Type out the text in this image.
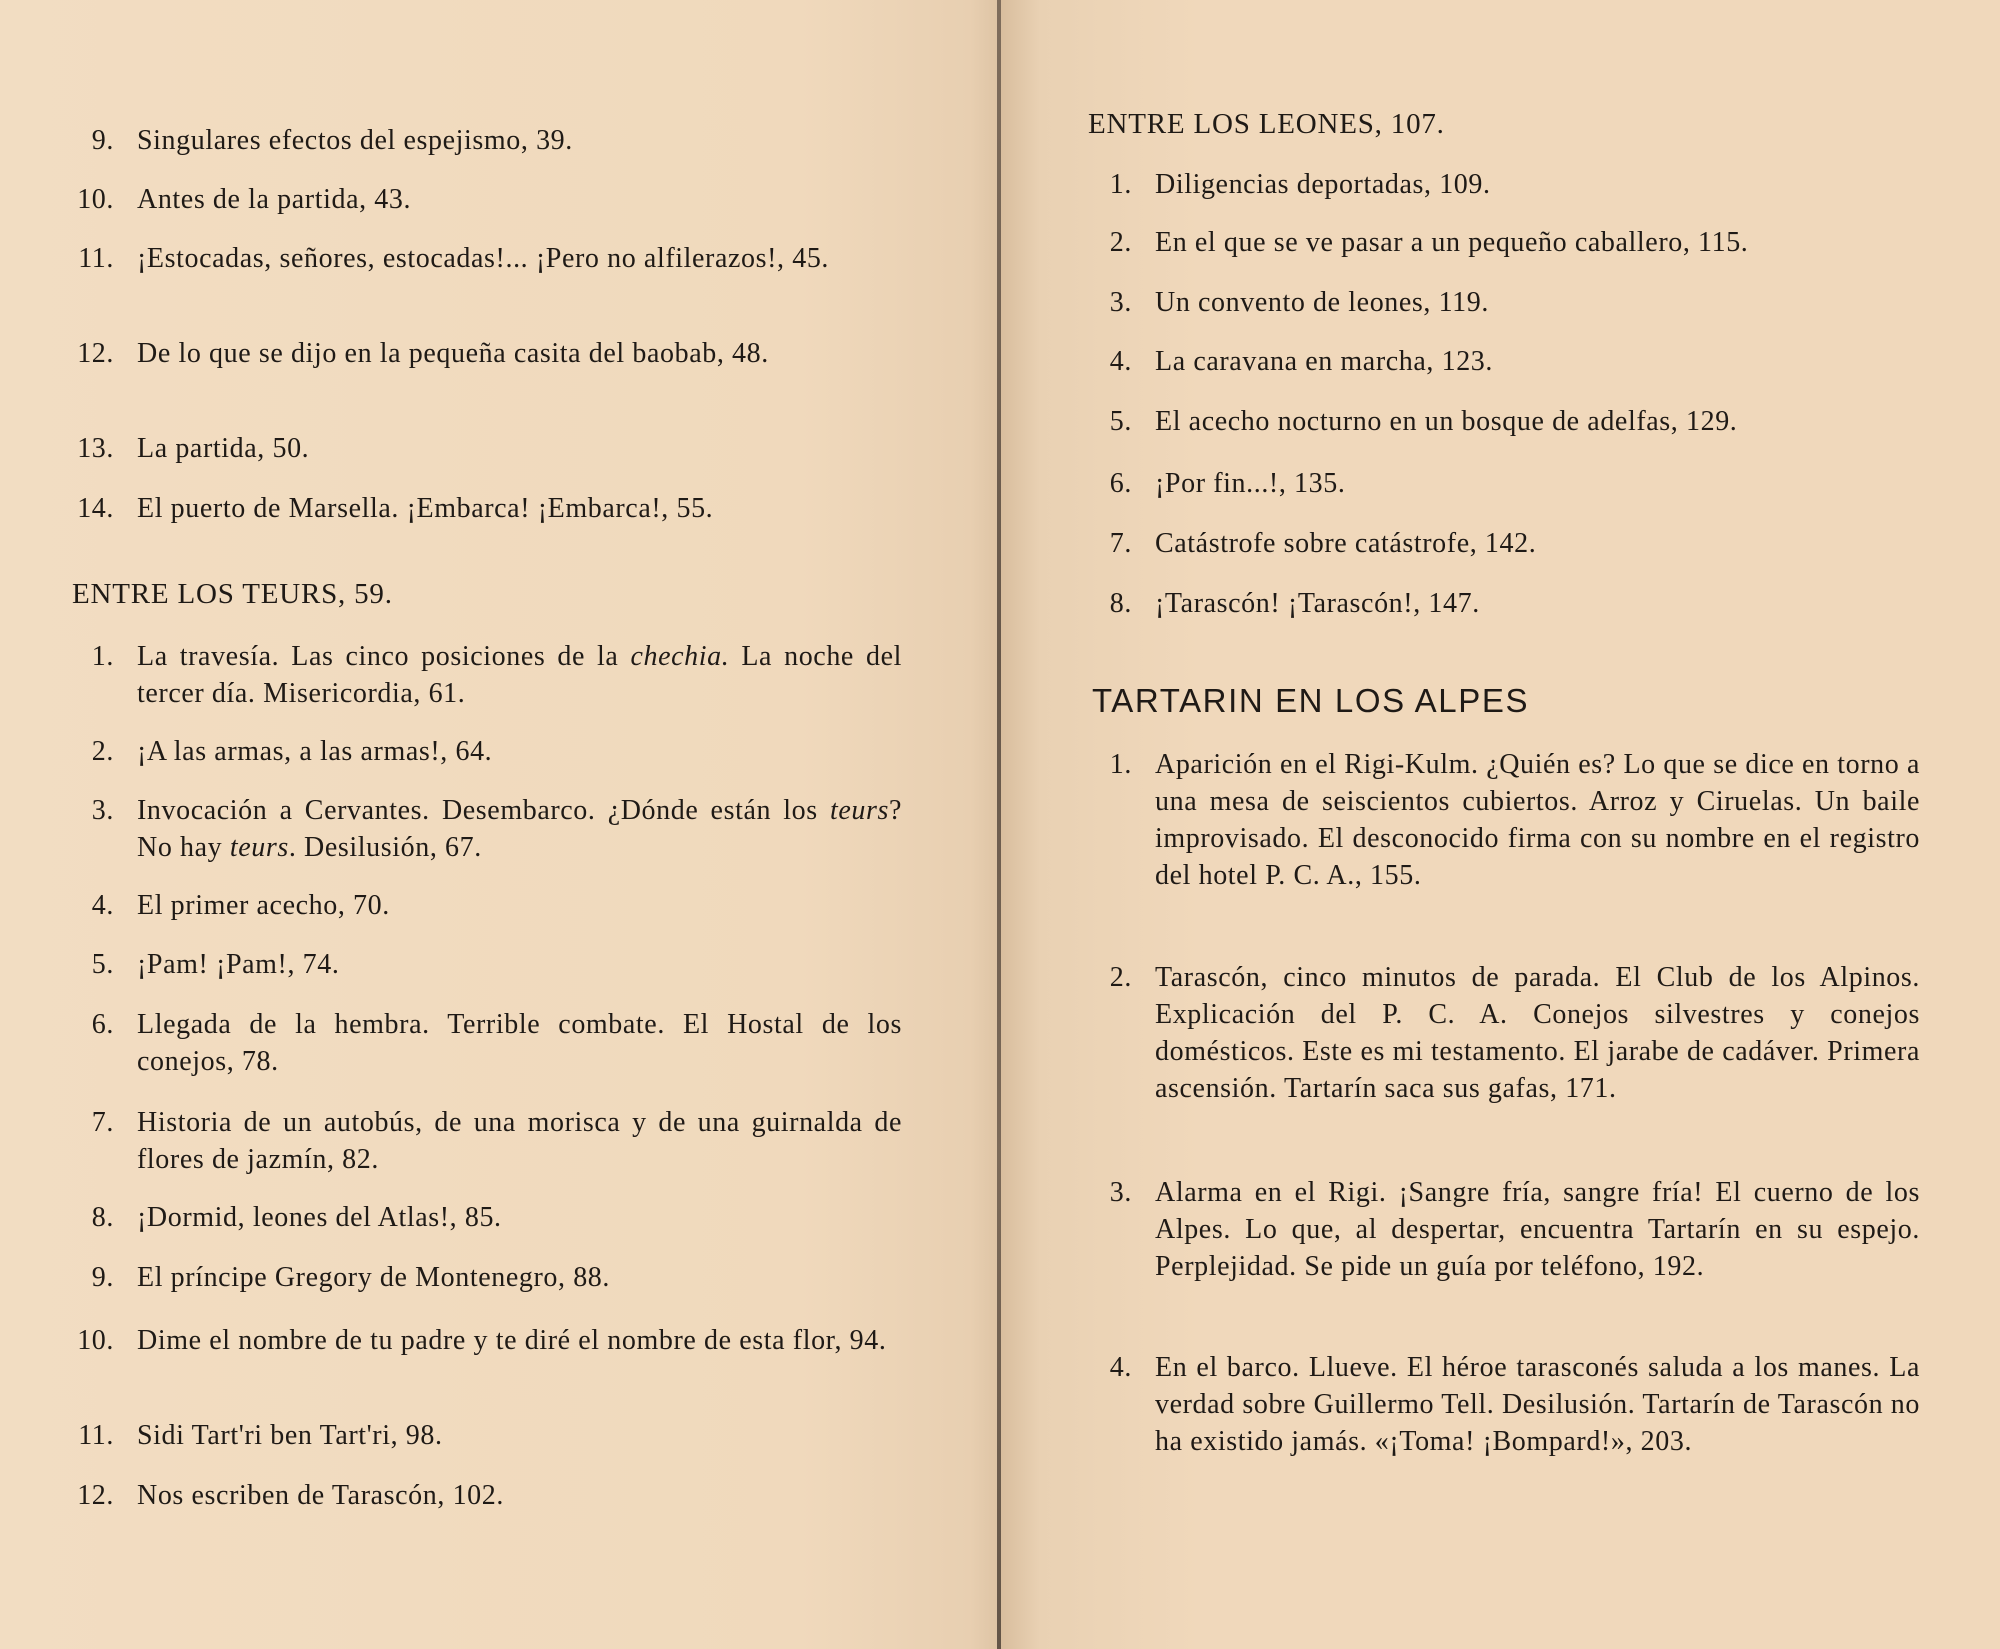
9. Singulares efectos del espejismo, 39.
10. Antes de la partida, 43.
11. ¡Estocadas, señores, estocadas!... ¡Pero no alfilerazos!, 45.
12. De lo que se dijo en la pequeña casita del baobab, 48.
13. La partida, 50.
14. El puerto de Marsella. ¡Embarca! ¡Embarca!, 55.
ENTRE LOS TEURS, 59.
1. La travesía. Las cinco posiciones de la chechia. La noche del tercer día. Misericordia, 61.
2. ¡A las armas, a las armas!, 64.
3. Invocación a Cervantes. Desembarco. ¿Dónde están los teurs? No hay teurs. Desilusión, 67.
4. El primer acecho, 70.
5. ¡Pam! ¡Pam!, 74.
6. Llegada de la hembra. Terrible combate. El Hostal de los conejos, 78.
7. Historia de un autobús, de una morisca y de una guirnalda de flores de jazmín, 82.
8. ¡Dormid, leones del Atlas!, 85.
9. El príncipe Gregory de Montenegro, 88.
10. Dime el nombre de tu padre y te diré el nombre de esta flor, 94.
11. Sidi Tart'ri ben Tart'ri, 98.
12. Nos escriben de Tarascón, 102.
ENTRE LOS LEONES, 107.
1. Diligencias deportadas, 109.
2. En el que se ve pasar a un pequeño caballero, 115.
3. Un convento de leones, 119.
4. La caravana en marcha, 123.
5. El acecho nocturno en un bosque de adelfas, 129.
6. ¡Por fin...!, 135.
7. Catástrofe sobre catástrofe, 142.
8. ¡Tarascón! ¡Tarascón!, 147.
TARTARIN EN LOS ALPES
1. Aparición en el Rigi-Kulm. ¿Quién es? Lo que se dice en torno a una mesa de seiscientos cubiertos. Arroz y Ciruelas. Un baile improvisado. El desconocido firma con su nombre en el registro del hotel P. C. A., 155.
2. Tarascón, cinco minutos de parada. El Club de los Alpinos. Explicación del P. C. A. Conejos silvestres y conejos domésticos. Este es mi testamento. El jarabe de cadáver. Primera ascensión. Tartarín saca sus gafas, 171.
3. Alarma en el Rigi. ¡Sangre fría, sangre fría! El cuerno de los Alpes. Lo que, al despertar, encuentra Tartarín en su espejo. Perplejidad. Se pide un guía por teléfono, 192.
4. En el barco. Llueve. El héroe tarasconés saluda a los manes. La verdad sobre Guillermo Tell. Desilusión. Tartarín de Tarascón no ha existido jamás. «¡Toma! ¡Bompard!», 203.
